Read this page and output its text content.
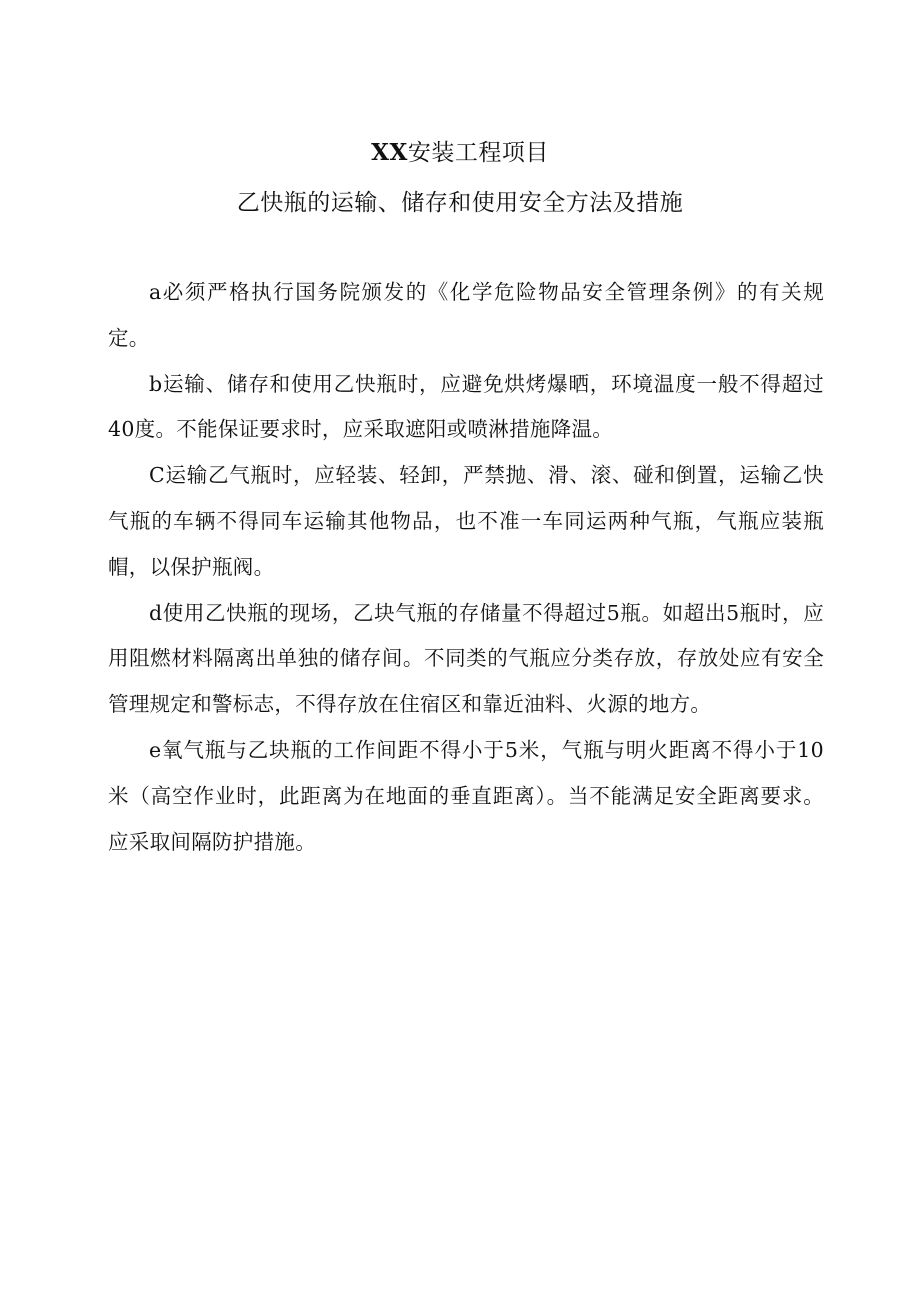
XX安装工程项目
乙快瓶的运输、储存和使用安全方法及措施

a必须严格执行国务院颁发的《化学危险物品安全管理条例》的有关规定。

b运输、储存和使用乙快瓶时，应避免烘烤爆晒，环境温度一般不得超过40度。不能保证要求时，应采取遮阳或喷淋措施降温。

C运输乙气瓶时，应轻装、轻卸，严禁抛、滑、滚、碰和倒置，运输乙快气瓶的车辆不得同车运输其他物品，也不准一车同运两种气瓶，气瓶应装瓶帽，以保护瓶阀。

d使用乙快瓶的现场，乙块气瓶的存储量不得超过5瓶。如超出5瓶时，应用阻燃材料隔离出单独的储存间。不同类的气瓶应分类存放，存放处应有安全管理规定和警标志，不得存放在住宿区和靠近油料、火源的地方。

e氧气瓶与乙块瓶的工作间距不得小于5米，气瓶与明火距离不得小于10米（高空作业时，此距离为在地面的垂直距离）。当不能满足安全距离要求。应采取间隔防护措施。
